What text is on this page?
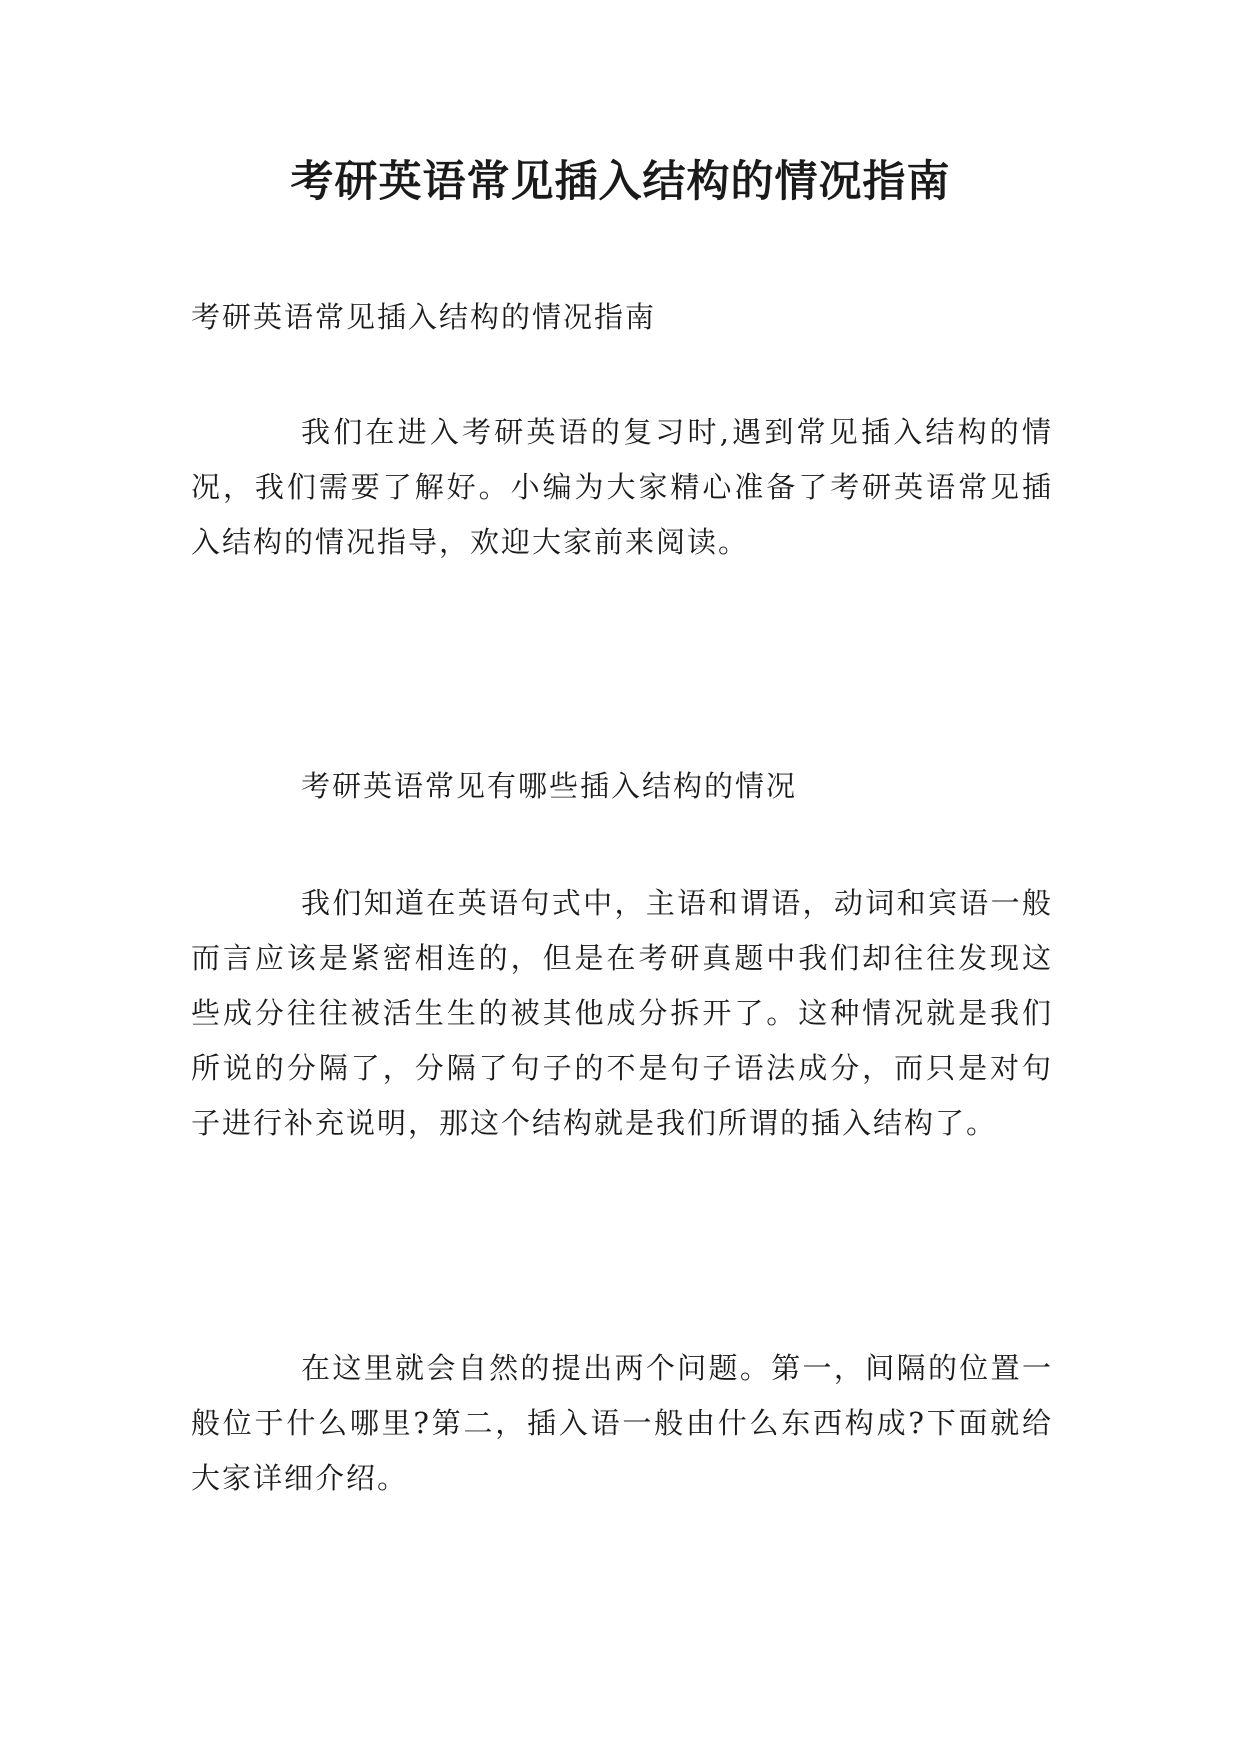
考研英语常见插入结构的情况指南

考研英语常见插入结构的情况指南

我们在进入考研英语的复习时,遇到常见插入结构的情况，我们需要了解好。小编为大家精心准备了考研英语常见插入结构的情况指导，欢迎大家前来阅读。

考研英语常见有哪些插入结构的情况

我们知道在英语句式中，主语和谓语，动词和宾语一般而言应该是紧密相连的，但是在考研真题中我们却往往发现这些成分往往被活生生的被其他成分拆开了。这种情况就是我们所说的分隔了，分隔了句子的不是句子语法成分，而只是对句子进行补充说明，那这个结构就是我们所谓的插入结构了。

在这里就会自然的提出两个问题。第一，间隔的位置一般位于什么哪里?第二，插入语一般由什么东西构成?下面就给大家详细介绍。
